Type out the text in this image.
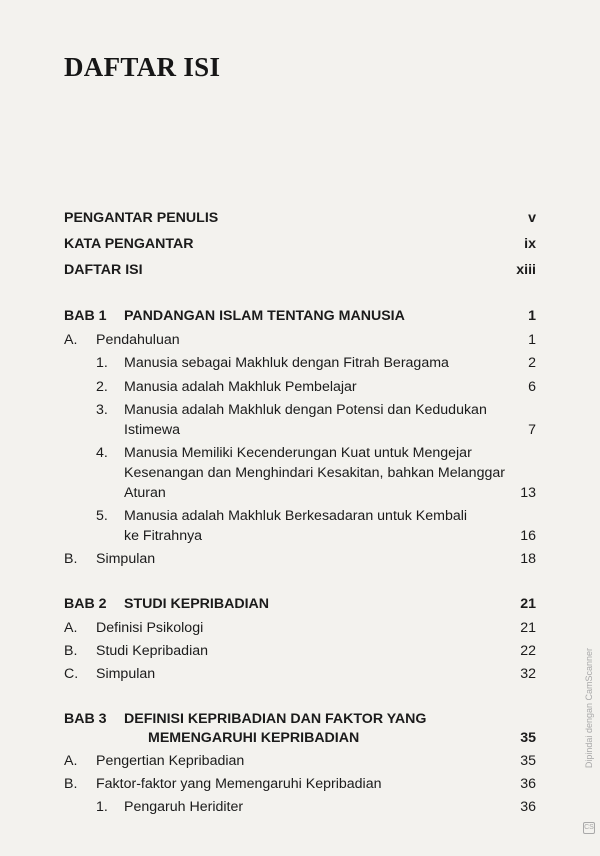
DAFTAR ISI
PENGANTAR PENULIS	v
KATA PENGANTAR	ix
DAFTAR ISI	xiii
BAB 1 PANDANGAN ISLAM TENTANG MANUSIA	1
A. Pendahuluan	1
1. Manusia sebagai Makhluk dengan Fitrah Beragama	2
2. Manusia adalah Makhluk Pembelajar	6
3. Manusia adalah Makhluk dengan Potensi dan Kedudukan
Istimewa	7
4. Manusia Memiliki Kecenderungan Kuat untuk Mengejar
Kesenangan dan Menghindari Kesakitan, bahkan Melanggar
Aturan	13
5. Manusia adalah Makhluk Berkesadaran untuk Kembali
ke Fitrahnya	16
B. Simpulan	18
BAB 2 STUDI KEPRIBADIAN	21
A. Definisi Psikologi	21
B. Studi Kepribadian	22
C. Simpulan	32
BAB 3 DEFINISI KEPRIBADIAN DAN FAKTOR YANG
MEMENGARUHI KEPRIBADIAN	35
A. Pengertian Kepribadian	35
B. Faktor-faktor yang Memengaruhi Kepribadian	36
1. Pengaruh Heriditer	36
Dipindai dengan CamScanner
CS
